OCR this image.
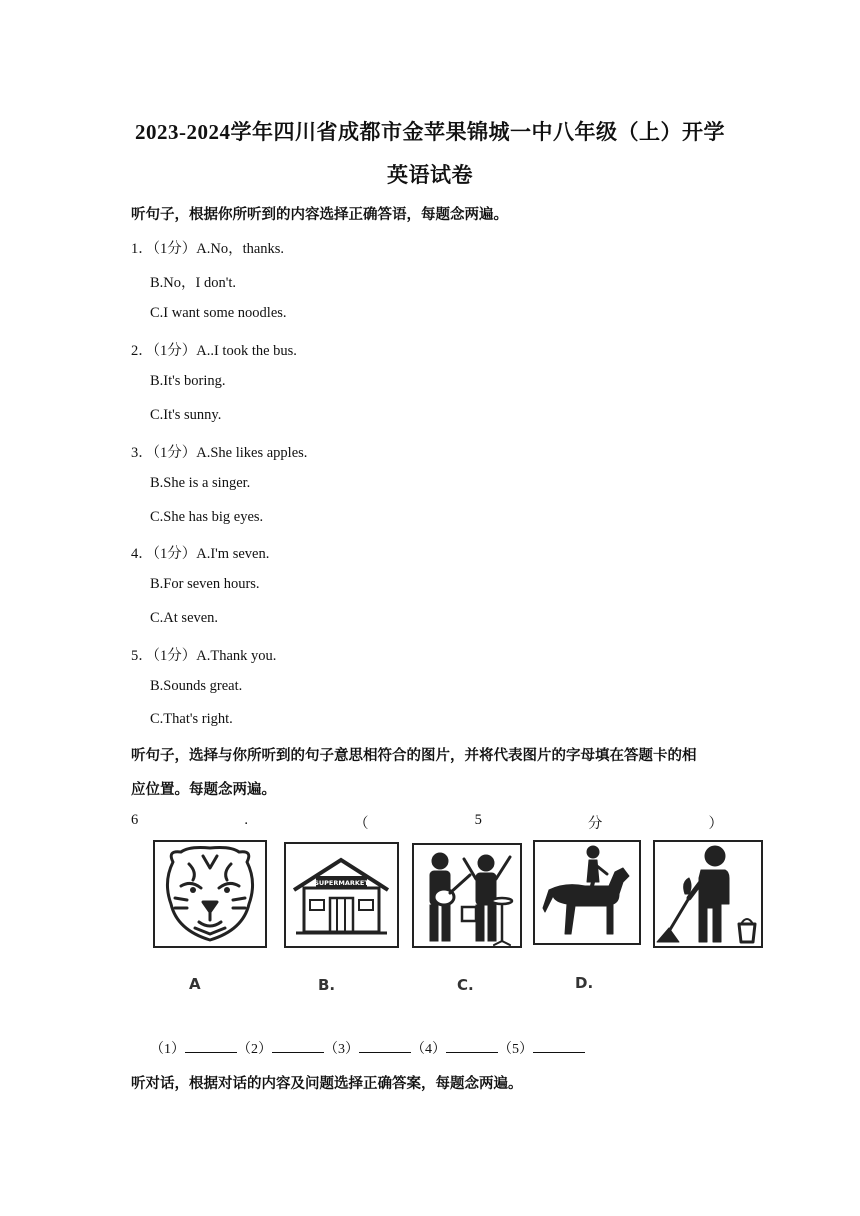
2023-2024学年四川省成都市金苹果锦城一中八年级（上）开学
英语试卷
听句子，根据你所听到的内容选择正确答语，每题念两遍。
1．（1分）A.No，thanks.
B.No，I don't.
C.I want some noodles.
2．（1分）A..I took the bus.
B.It's boring.
C.It's sunny.
3．（1分）A.She likes apples.
B.She is a singer.
C.She has big eyes.
4．（1分）A.I'm seven.
B.For seven hours.
C.At seven.
5．（1分）A.Thank you.
B.Sounds great.
C.That's right.
听句子，选择与你所听到的句子意思相符合的图片，并将代表图片的字母填在答题卡的相
应位置。每题念两遍。
6	.	（	5	分	）
SUPERMARKET
A	B.	C.	D.
（1）	（2）	（3）	（4）	（5）
听对话，根据对话的内容及问题选择正确答案，每题念两遍。
